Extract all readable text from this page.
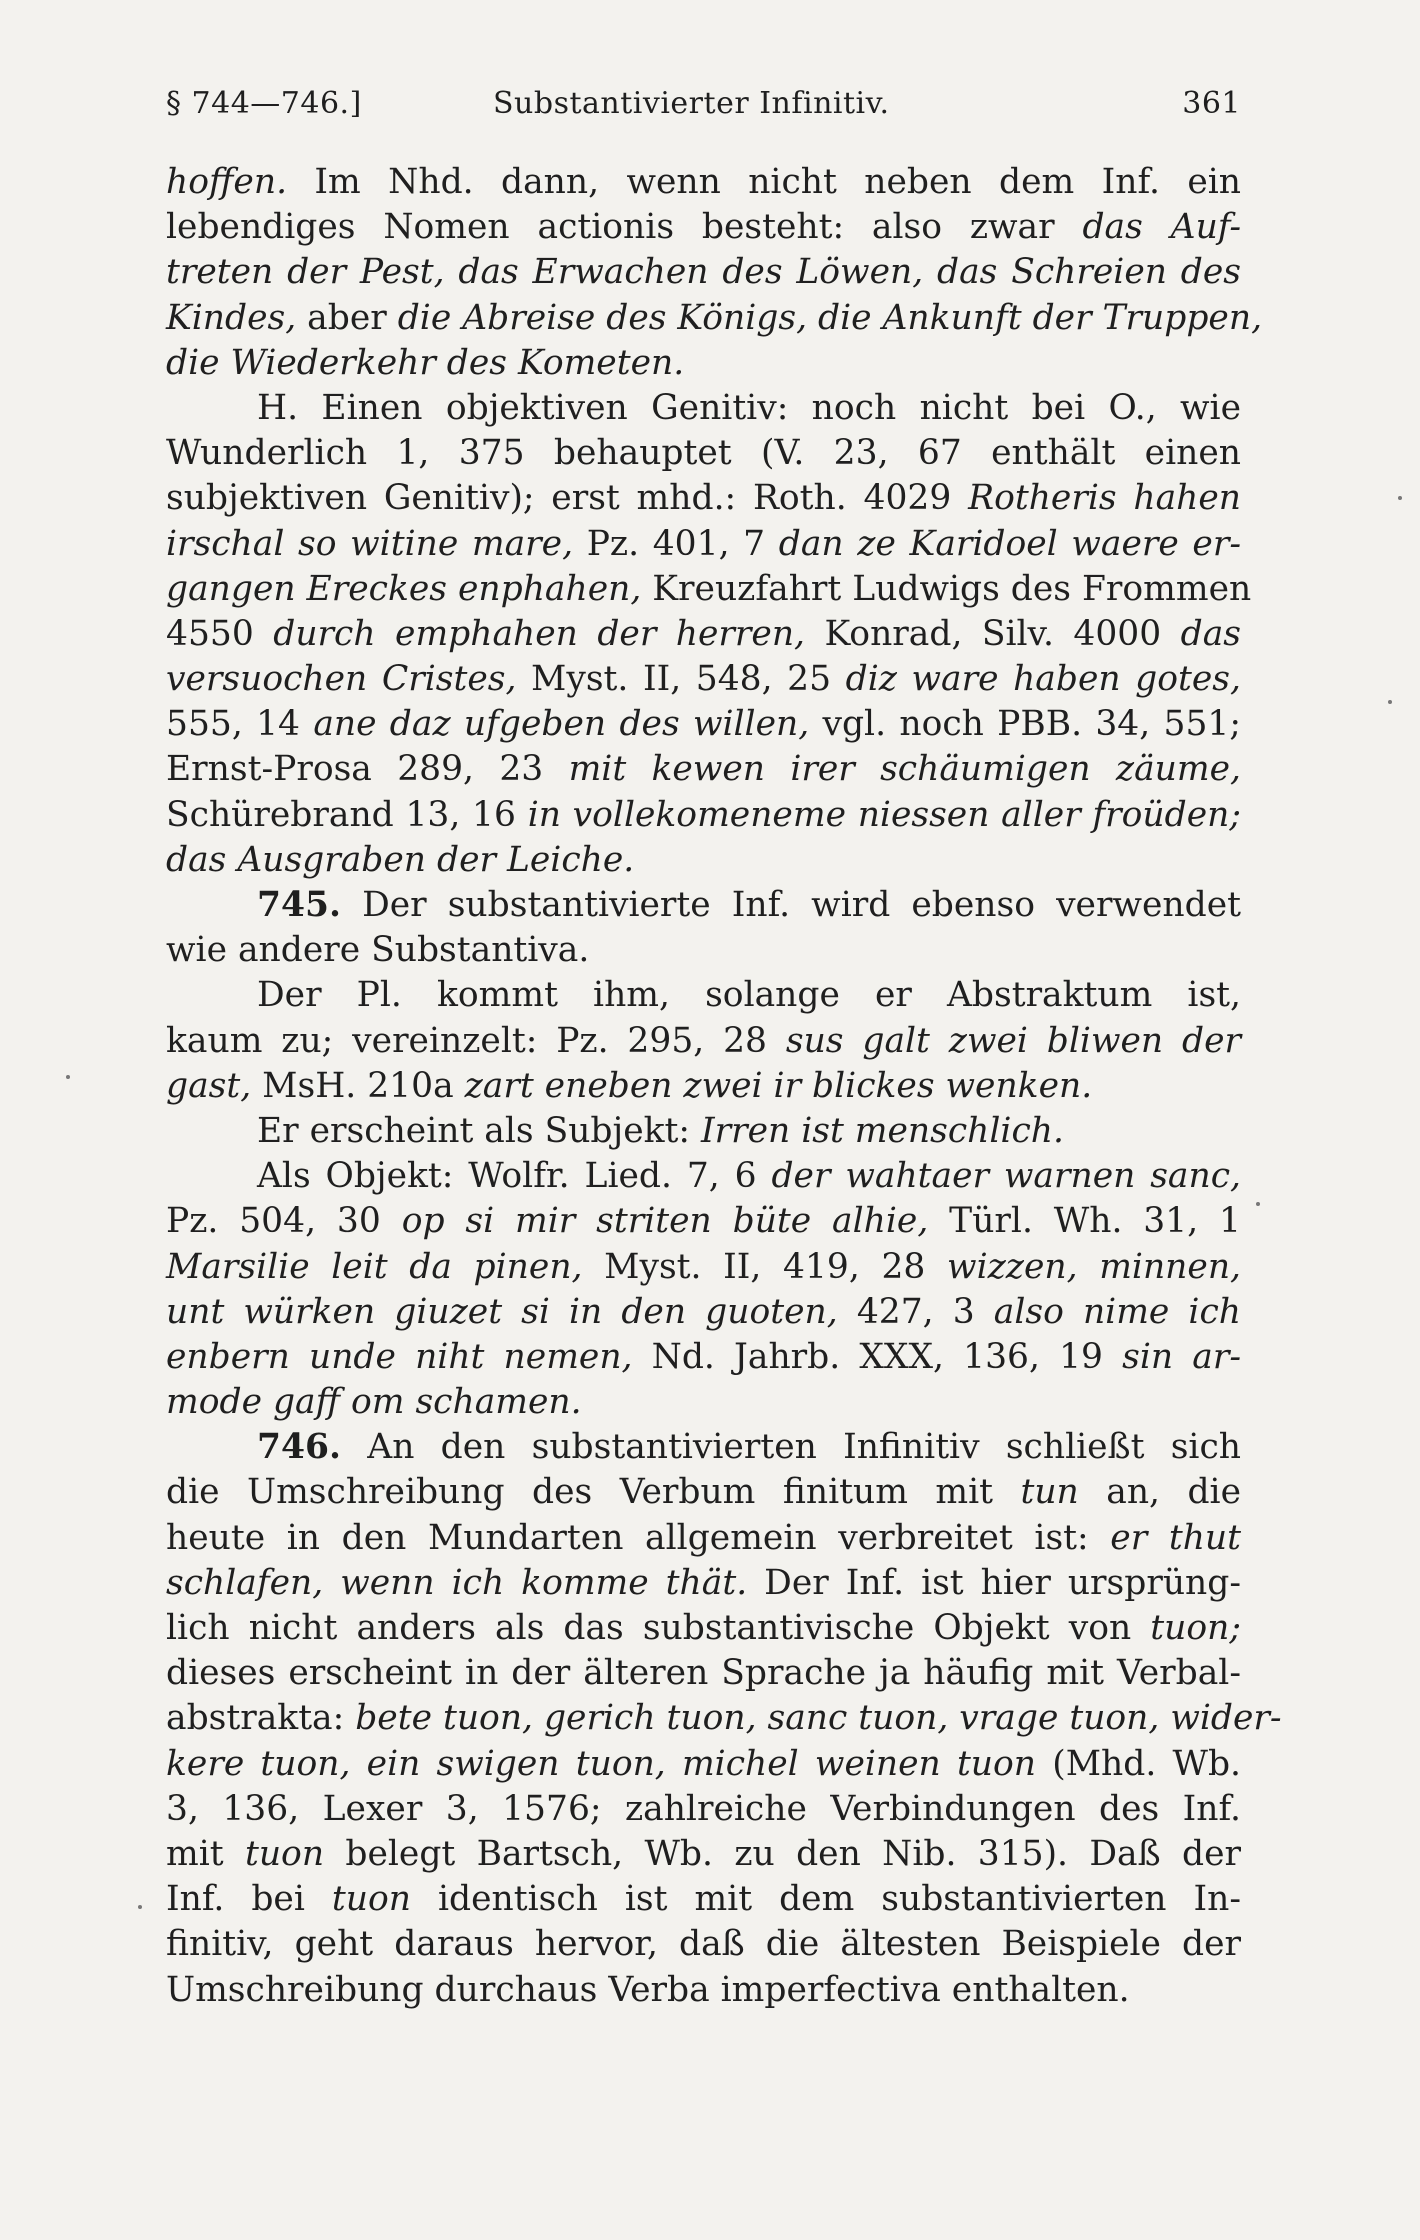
§ 744—746.]	Substantivierter Infinitiv.	361
hoffen. Im Nhd. dann, wenn nicht neben dem Inf. ein
lebendiges Nomen actionis besteht: also zwar das Auf-
treten der Pest, das Erwachen des Löwen, das Schreien des
Kindes, aber die Abreise des Königs, die Ankunft der Truppen,
die Wiederkehr des Kometen.
H. Einen objektiven Genitiv: noch nicht bei O., wie
Wunderlich 1, 375 behauptet (V. 23, 67 enthält einen
subjektiven Genitiv); erst mhd.: Roth. 4029 Rotheris hahen
irschal so witine mare, Pz. 401, 7 dan ze Karidoel waere er-
gangen Ereckes enphahen, Kreuzfahrt Ludwigs des Frommen
4550 durch emphahen der herren, Konrad, Silv. 4000 das
versuochen Cristes, Myst. II, 548, 25 diz ware haben gotes,
555, 14 ane daz ufgeben des willen, vgl. noch PBB. 34, 551;
Ernst-Prosa 289, 23 mit kewen irer schäumigen zäume,
Schürebrand 13, 16 in vollekomeneme niessen aller froüden;
das Ausgraben der Leiche.
745. Der substantivierte Inf. wird ebenso verwendet
wie andere Substantiva.
Der Pl. kommt ihm, solange er Abstraktum ist,
kaum zu; vereinzelt: Pz. 295, 28 sus galt zwei bliwen der
gast, MsH. 210a zart eneben zwei ir blickes wenken.
Er erscheint als Subjekt: Irren ist menschlich.
Als Objekt: Wolfr. Lied. 7, 6 der wahtaer warnen sanc,
Pz. 504, 30 op si mir striten büte alhie, Türl. Wh. 31, 1
Marsilie leit da pinen, Myst. II, 419, 28 wizzen, minnen,
unt würken giuzet si in den guoten, 427, 3 also nime ich
enbern unde niht nemen, Nd. Jahrb. XXX, 136, 19 sin ar-
mode gaff om schamen.
746. An den substantivierten Infinitiv schließt sich
die Umschreibung des Verbum finitum mit tun an, die
heute in den Mundarten allgemein verbreitet ist: er thut
schlafen, wenn ich komme thät. Der Inf. ist hier ursprüng-
lich nicht anders als das substantivische Objekt von tuon;
dieses erscheint in der älteren Sprache ja häufig mit Verbal-
abstrakta: bete tuon, gerich tuon, sanc tuon, vrage tuon, wider-
kere tuon, ein swigen tuon, michel weinen tuon (Mhd. Wb.
3, 136, Lexer 3, 1576; zahlreiche Verbindungen des Inf.
mit tuon belegt Bartsch, Wb. zu den Nib. 315). Daß der
Inf. bei tuon identisch ist mit dem substantivierten In-
finitiv, geht daraus hervor, daß die ältesten Beispiele der
Umschreibung durchaus Verba imperfectiva enthalten.
